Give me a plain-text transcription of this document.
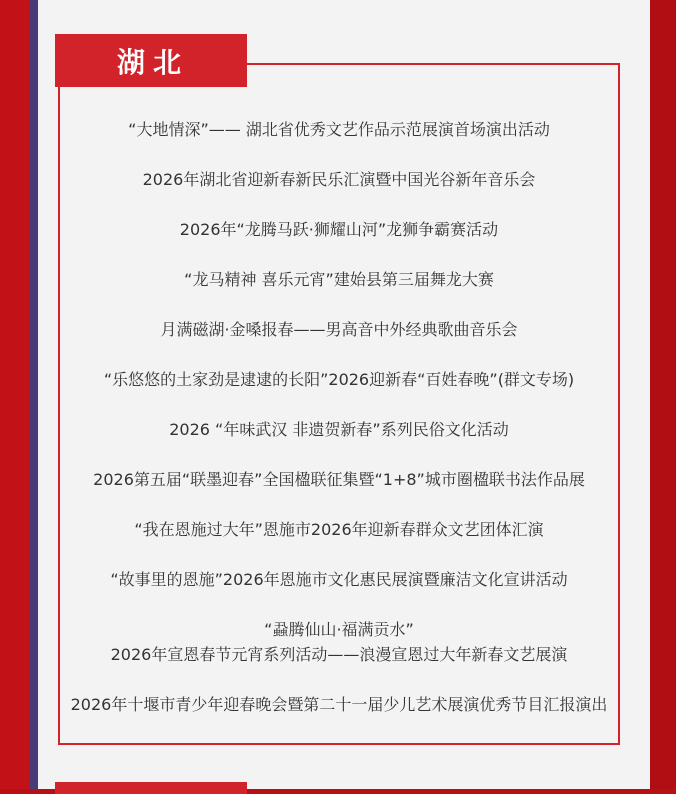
湖北
“大地情深”—— 湖北省优秀文艺作品示范展演首场演出活动
2026年湖北省迎新春新民乐汇演暨中国光谷新年音乐会
2026年“龙腾马跃·狮耀山河”龙狮争霸赛活动
“龙马精神 喜乐元宵”建始县第三届舞龙大赛
月满磁湖·金嗓报春——男高音中外经典歌曲音乐会
“乐悠悠的土家劲是逮逮的长阳”2026迎新春“百姓春晚”(群文专场)
2026 “年味武汉 非遗贺新春”系列民俗文化活动
2026第五届“联墨迎春”全国楹联征集暨“1+8”城市圈楹联书法作品展
“我在恩施过大年”恩施市2026年迎新春群众文艺团体汇演
“故事里的恩施”2026年恩施市文化惠民展演暨廉洁文化宣讲活动
“蝨腾仙山·福满贡水”
2026年宣恩春节元宵系列活动——浪漫宣恩过大年新春文艺展演
2026年十堰市青少年迎春晚会暨第二十一届少儿艺术展演优秀节目汇报演出
